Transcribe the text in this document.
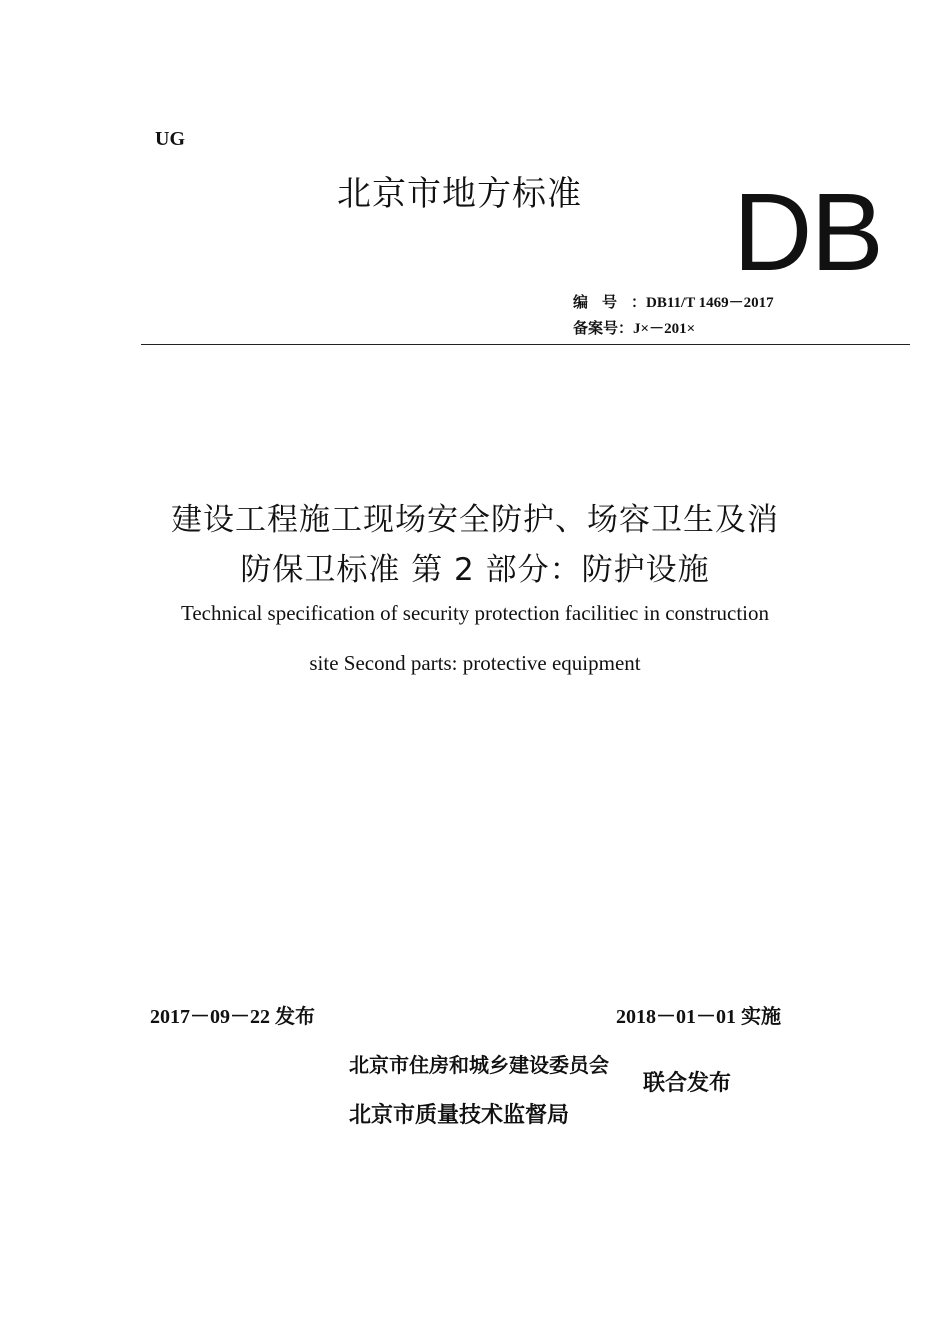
UG
北京市地方标准 DB
编号：DB11/T 1469－2017
备案号：J×－201×
建设工程施工现场安全防护、场容卫生及消
防保卫标准 第 2 部分：防护设施
Technical specification of security protection facilitiec in construction
site Second parts: protective equipment
2017－09－22 发布	2018－01－01 实施
北京市住房和城乡建设委员会
北京市质量技术监督局
联合发布
